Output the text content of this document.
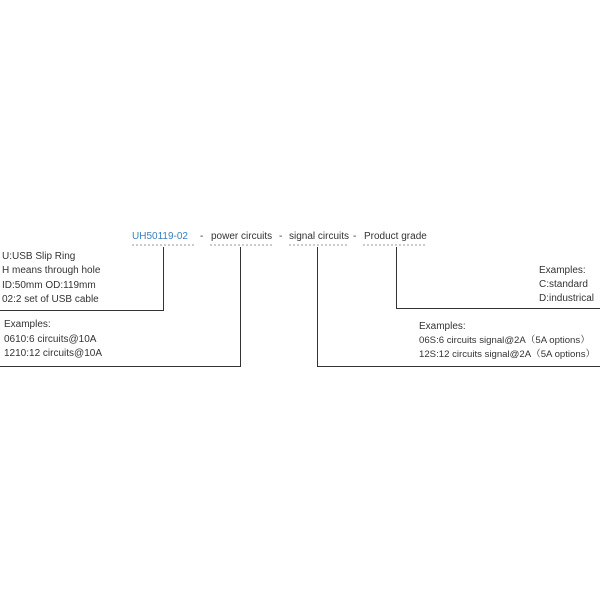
UH50119-02 - power circuits - signal circuits - Product grade
U:USB Slip Ring
H means through hole
ID:50mm OD:119mm
02:2 set of USB cable
Examples:
0610:6 circuits@10A
1210:12 circuits@10A
Examples:
C:standard
D:industrical
Examples:
06S:6 circuits signal@2A（5A options）
12S:12 circuits signal@2A（5A options）
